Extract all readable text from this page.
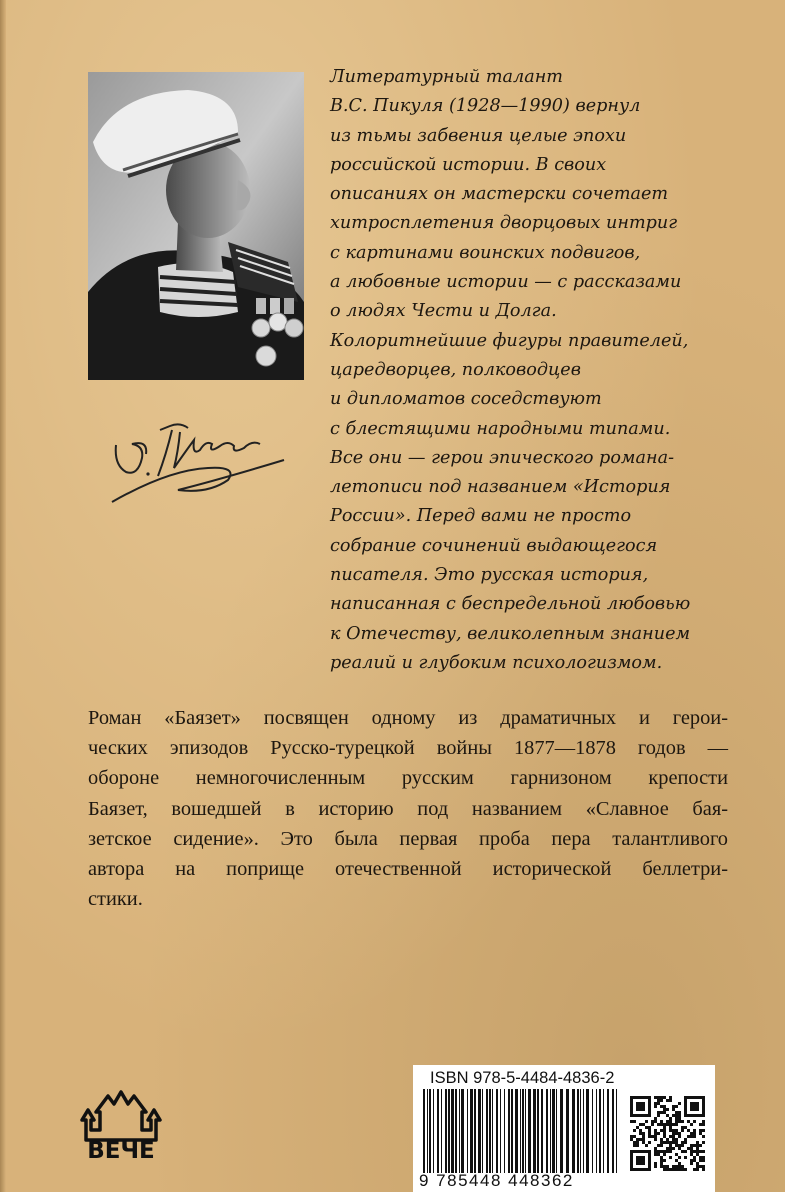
Литературный талант
В.С. Пикуля (1928—1990) вернул
из тьмы забвения целые эпохи
российской истории. В своих
описаниях он мастерски сочетает
хитросплетения дворцовых интриг
с картинами воинских подвигов,
а любовные истории — с рассказами
о людях Чести и Долга.
Колоритнейшие фигуры правителей,
царедворцев, полководцев
и дипломатов соседствуют
с блестящими народными типами.
Все они — герои эпического романа-
летописи под названием «История
России». Перед вами не просто
собрание сочинений выдающегося
писателя. Это русская история,
написанная с беспредельной любовью
к Отечеству, великолепным знанием
реалий и глубоким психологизмом.

Роман «Баязет» посвящен одному из драматичных и герои-
ческих эпизодов Русско-турецкой войны 1877—1878 годов —
обороне немногочисленным русским гарнизоном крепости
Баязет, вошедшей в историю под названием «Славное бая-
зетское сидение». Это была первая проба пера талантливого
автора на поприще отечественной исторической беллетри-
стики.

ВЕЧЕ
ISBN 978-5-4484-4836-2
9 785448 448362
